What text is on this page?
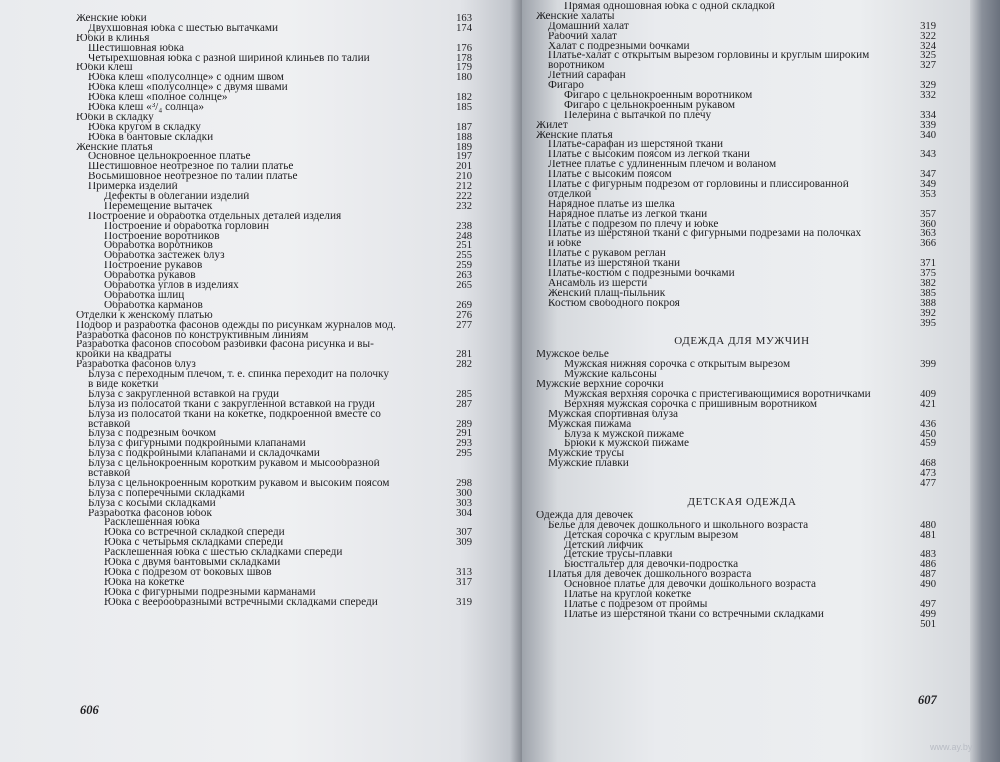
Женские юбки	163
Двухшовная юбка с шестью вытачками	174
Юбки в клинья
Шестишовная юбка	176
Четырехшовная юбка с разной шириной клиньев по талии	178
Юбки клеш	179
Юбка клеш «полусолнце» с одним швом	180
Юбка клеш «полусолнце» с двумя швами
Юбка клеш «полное солнце»	182
Юбка клеш «³/₄ солнца»	185
Юбки в складку
Юбка кругом в складку	187
Юбка в бантовые складки	188
Женские платья	189
Основное цельнокроенное платье	197
Шестишовное неотрезное по талии платье	201
Восьмишовное неотрезное по талии платье	210
Примерка изделий	212
Дефекты в облегании изделий	222
Перемещение вытачек	232
Построение и обработка отдельных деталей изделия
Построение и обработка горловин	238
Построение воротников	248
Обработка воротников	251
Обработка застежек блуз	255
Построение рукавов	259
Обработка рукавов	263
Обработка углов в изделиях	265
Обработка шлиц
Обработка карманов	269
Отделки к женскому платью	276
Подбор и разработка фасонов одежды по рисункам журналов мод.	277
Разработка фасонов по конструктивным линиям
Разработка фасонов способом разбивки фасона рисунка и вы-
кройки на квадраты	281
Разработка фасонов блуз	282
Блуза с переходным плечом, т. е. спинка переходит на полочку
в виде кокетки
Блуза с закругленной вставкой на груди	285
Блуза из полосатой ткани с закругленной вставкой на груди	287
Блуза из полосатой ткани на кокетке, подкроенной вместе со
вставкой	289
Блуза с подрезным бочком	291
Блуза с фигурными подкройными клапанами	293
Блуза с подкройными клапанами и складочками	295
Блуза с цельнокроенным коротким рукавом и мысообразной
вставкой
Блуза с цельнокроенным коротким рукавом и высоким поясом	298
Блуза с поперечными складками	300
Блуза с косыми складками	303
Разработка фасонов юбок	304
Расклешенная юбка
Юбка со встречной складкой спереди	307
Юбка с четырьмя складками спереди	309
Расклешенная юбка с шестью складками спереди
Юбка с двумя бантовыми складками
Юбка с подрезом от боковых швов	313
Юбка на кокетке	317
Юбка с фигурными подрезными карманами
Юбка с веерообразными встречными складками спереди	319
Прямая одношовная юбка с одной складкой
Женские халаты
Домашний халат	319
Рабочий халат	322
Халат с подрезными бочками	324
Платье-халат с открытым вырезом горловины и круглым широким	325
воротником	327
Летний сарафан
Фигаро	329
Фигаро с цельнокроенным воротником	332
Фигаро с цельнокроенным рукавом
Пелерина с вытачкой по плечу	334
Жилет	339
Женские платья	340
Платье-сарафан из шерстяной ткани
Платье с высоким поясом из легкой ткани	343
Летнее платье с удлиненным плечом и воланом
Платье с высоким поясом	347
Платье с фигурным подрезом от горловины и плиссированной	349
отделкой	353
Нарядное платье из шелка
Нарядное платье из легкой ткани	357
Платье с подрезом по плечу и юбке	360
Платье из шерстяной ткани с фигурными подрезами на полочках	363
и юбке	366
Платье с рукавом реглан
Платье из шерстяной ткани	371
Платье-костюм с подрезными бочками	375
Ансамбль из шерсти	382
Женский плащ-пыльник	385
Костюм свободного покроя	388
392
395
ОДЕЖДА ДЛЯ МУЖЧИН
Мужское белье
Мужская нижняя сорочка с открытым вырезом	399
Мужские кальсоны
Мужские верхние сорочки
Мужская верхняя сорочка с пристегивающимися воротничками	409
Верхняя мужская сорочка с пришивным воротником	421
Мужская спортивная блуза
Мужская пижама	436
Блуза к мужской пижаме	450
Брюки к мужской пижаме	459
Мужские трусы
Мужские плавки	468
473
477
ДЕТСКАЯ ОДЕЖДА
Одежда для девочек
Белье для девочек дошкольного и школьного возраста	480
Детская сорочка с круглым вырезом	481
Детский лифчик
Детские трусы-плавки	483
Бюстгальтер для девочки-подростка	486
Платья для девочек дошкольного возраста	487
Основное платье для девочки дошкольного возраста	490
Платье на круглой кокетке
Платье с подрезом от проймы	497
Платье из шерстяной ткани со встречными складками	499
501
606
607
www.ay.by
